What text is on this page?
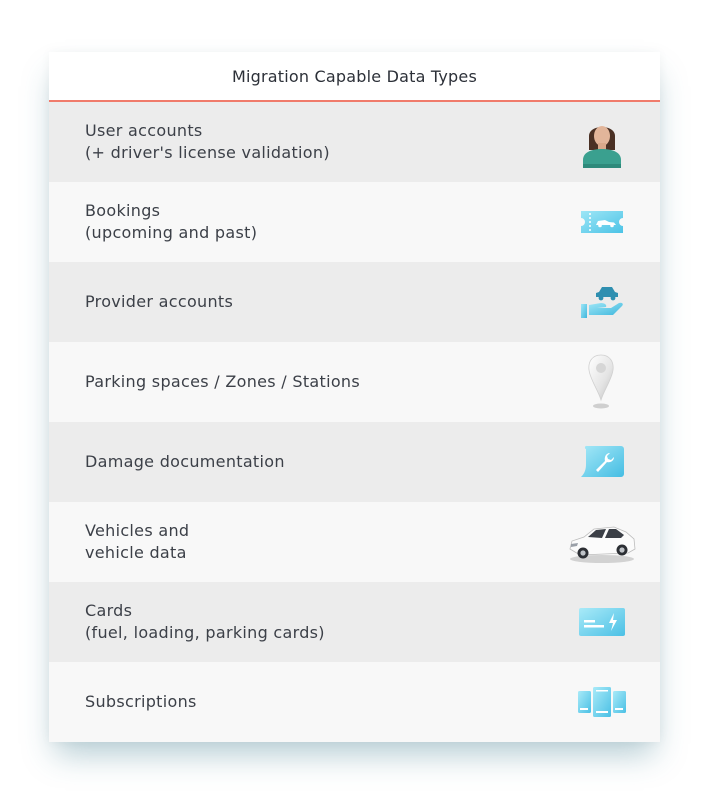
Migration Capable Data Types
User accounts
(+ driver's license validation)
Bookings
(upcoming and past)
Provider accounts
Parking spaces / Zones / Stations
Damage documentation
Vehicles and
vehicle data
Cards
(fuel, loading, parking cards)
Subscriptions
